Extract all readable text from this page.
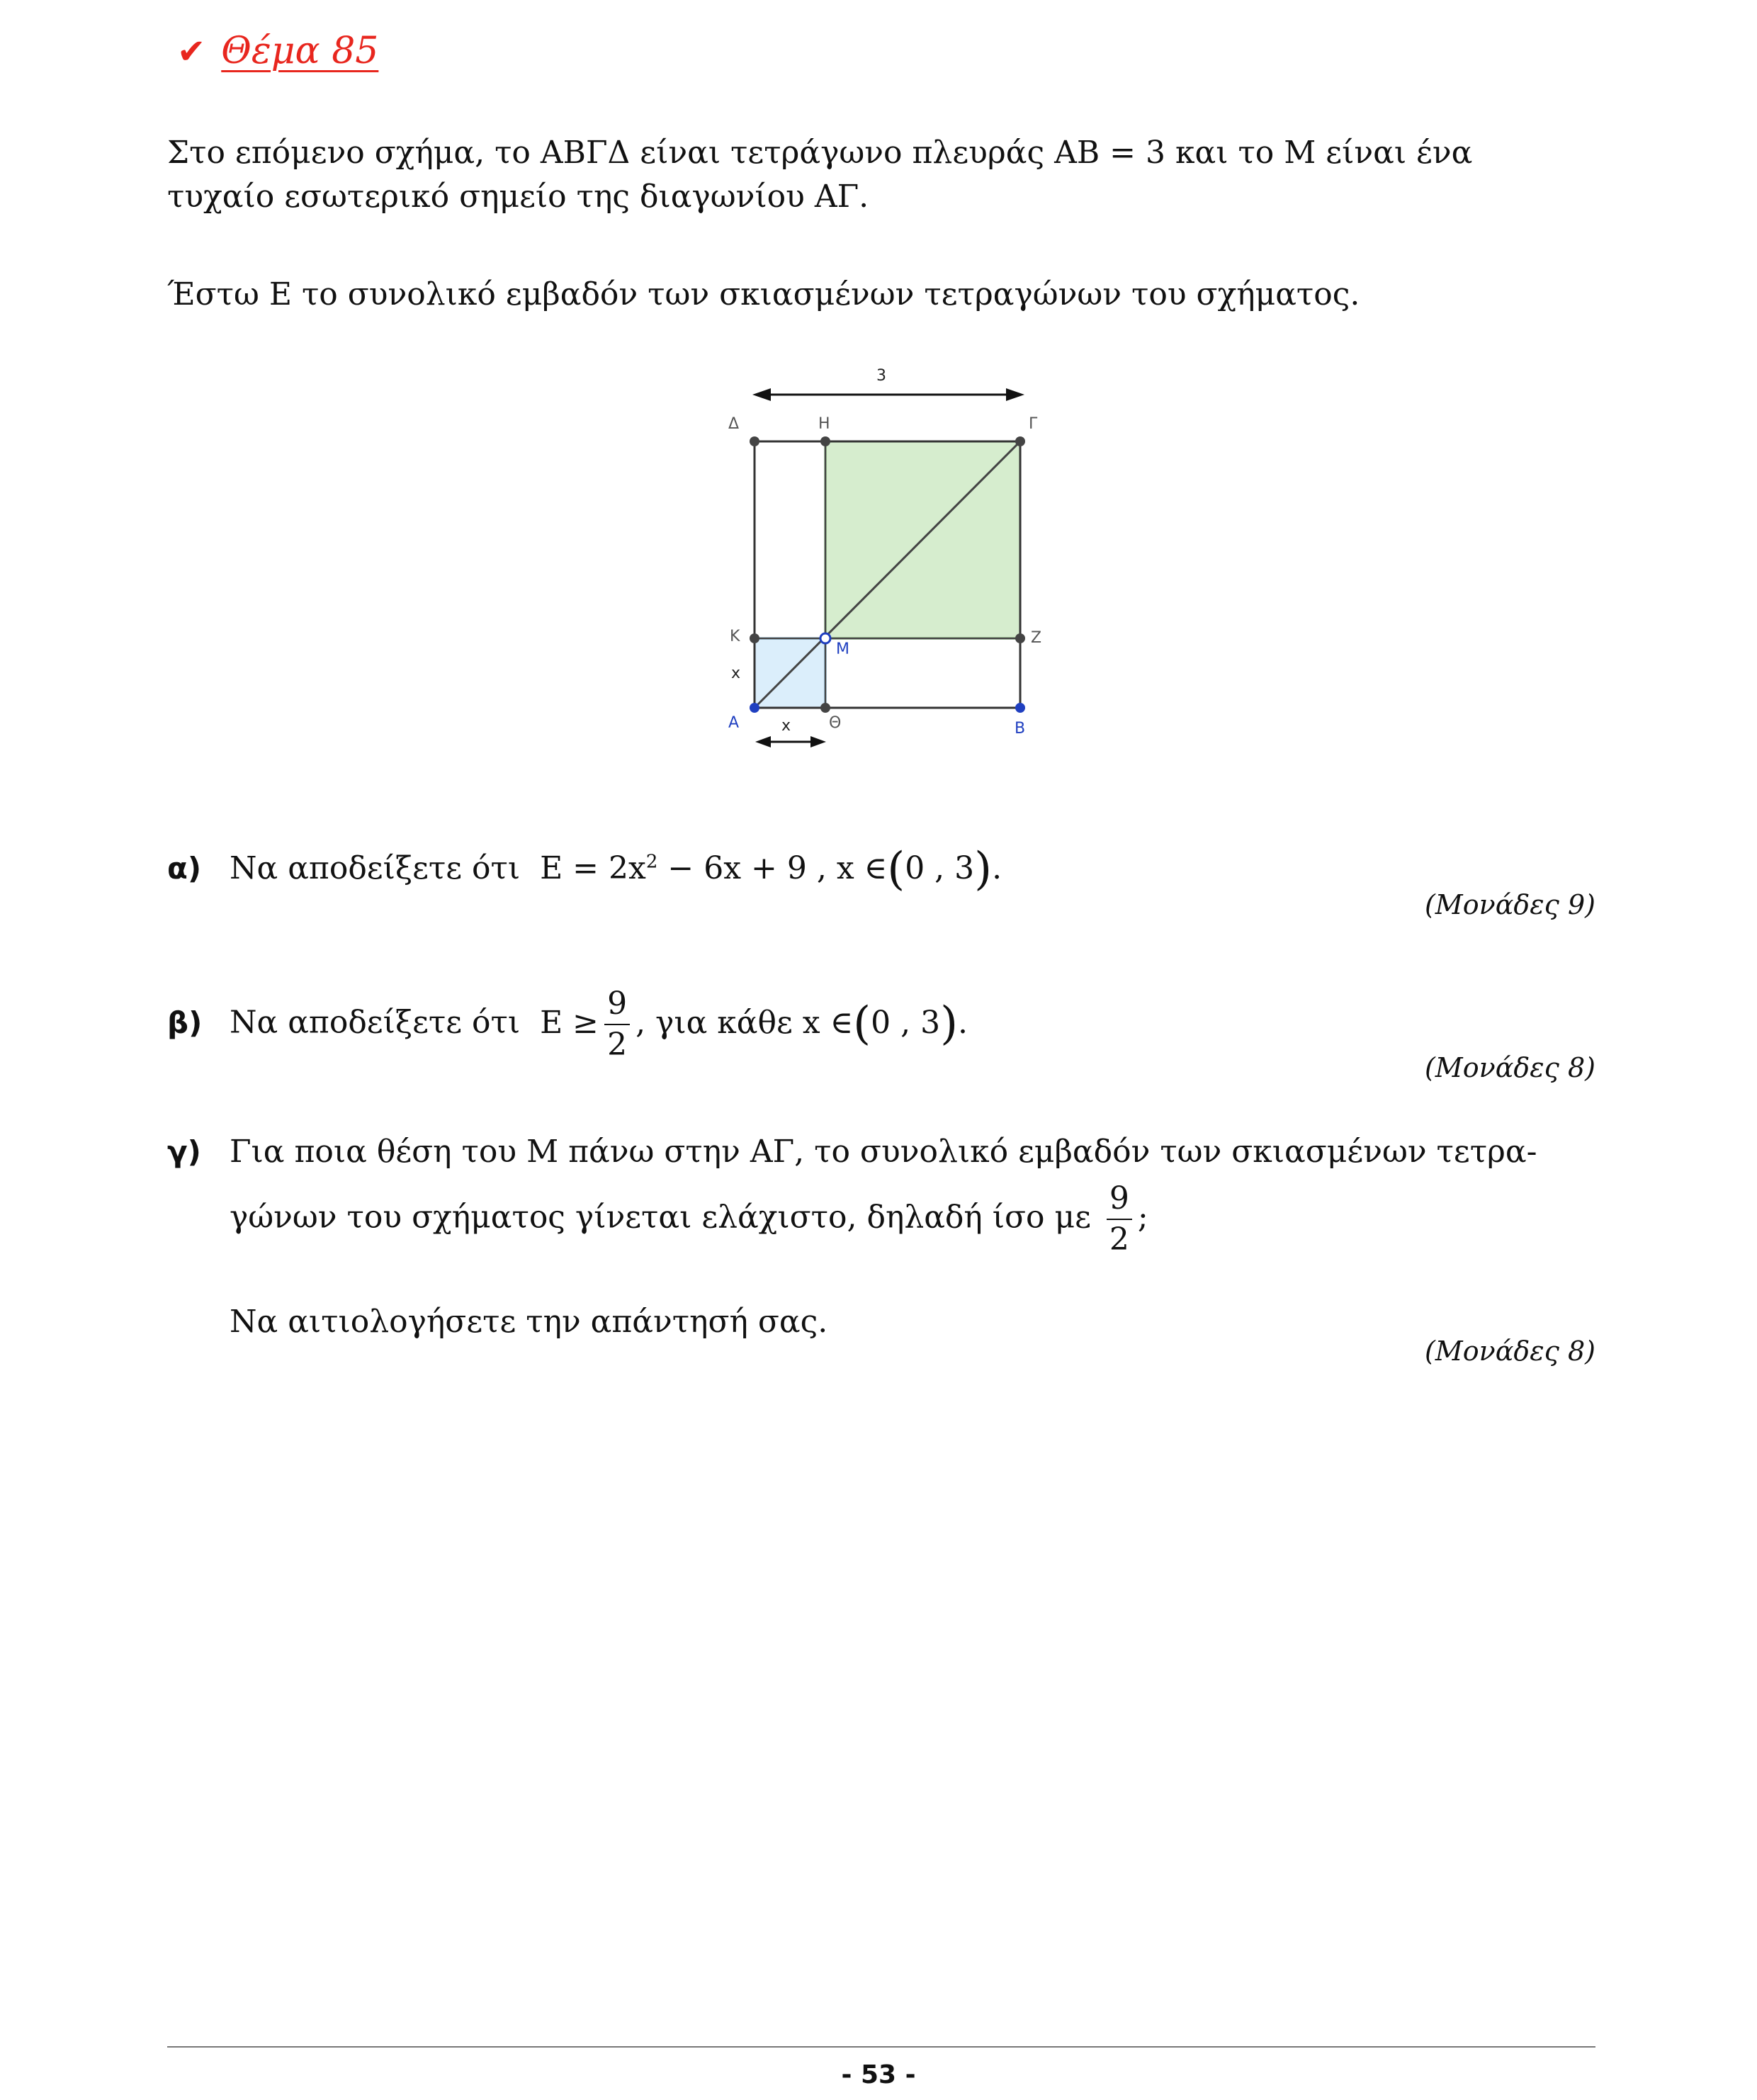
✔ Θέμα 85
Στο επόμενο σχήμα, το ΑΒΓΔ είναι τετράγωνο πλευράς ΑΒ = 3 και το Μ είναι ένα
τυχαίο εσωτερικό σημείο της διαγωνίου ΑΓ.
Έστω Ε το συνολικό εμβαδόν των σκιασμένων τετραγώνων του σχήματος.
3
Δ	Η	Γ
Κ
Μ
Ζ
Α	Θ	Β
x
x
α) Να αποδείξετε ότι $E = 2x^2 - 6x + 9$ , x ∈(0 , 3).
(Μονάδες 9)
β) Να αποδείξετε ότι $E \ge \frac{9}{2}$ , για κάθε x ∈(0 , 3).
(Μονάδες 8)
γ) Για ποια θέση του Μ πάνω στην ΑΓ, το συνολικό εμβαδόν των σκιασμένων τετρα-
γώνων του σχήματος γίνεται ελάχιστο, δηλαδή ίσο με $\frac{9}{2}$ ;
Να αιτιολογήσετε την απάντησή σας.
(Μονάδες 8)
- 53 -
